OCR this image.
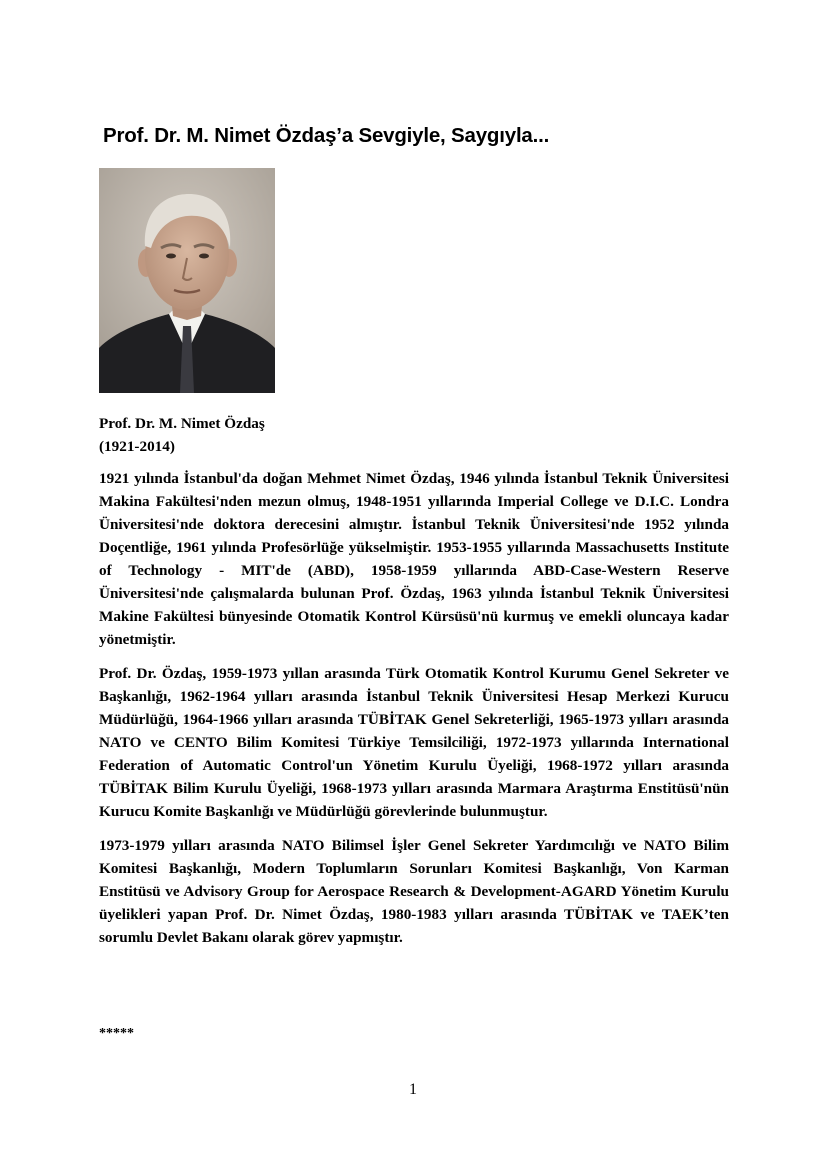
Prof. Dr. M. Nimet Özdaş’a Sevgiyle, Saygıyla...
Prof. Dr. M. Nimet Özdaş
(1921-2014)

1921 yılında İstanbul'da doğan Mehmet Nimet Özdaş, 1946 yılında İstanbul Teknik Üniversitesi Makina Fakültesi'nden mezun olmuş, 1948-1951 yıllarında Imperial College ve D.I.C. Londra Üniversitesi'nde doktora derecesini almıştır. İstanbul Teknik Üniversitesi'nde 1952 yılında Doçentliğe, 1961 yılında Profesörlüğe yükselmiştir. 1953-1955 yıllarında Massachusetts Institute of Technology - MIT'de (ABD), 1958-1959 yıllarında ABD-Case-Western Reserve Üniversitesi'nde çalışmalarda bulunan Prof. Özdaş, 1963 yılında İstanbul Teknik Üniversitesi Makine Fakültesi bünyesinde Otomatik Kontrol Kürsüsü'nü kurmuş ve emekli oluncaya kadar yönetmiştir.

Prof. Dr. Özdaş, 1959-1973 yıllan arasında Türk Otomatik Kontrol Kurumu Genel Sekreter ve Başkanlığı, 1962-1964 yılları arasında İstanbul Teknik Üniversitesi Hesap Merkezi Kurucu Müdürlüğü, 1964-1966 yılları arasında TÜBİTAK Genel Sekreterliği, 1965-1973 yılları arasında NATO ve CENTO Bilim Komitesi Türkiye Temsilciliği, 1972-1973 yıllarında International Federation of Automatic Control'un Yönetim Kurulu Üyeliği, 1968-1972 yılları arasında TÜBİTAK Bilim Kurulu Üyeliği, 1968-1973 yılları arasında Marmara Araştırma Enstitüsü'nün Kurucu Komite Başkanlığı ve Müdürlüğü görevlerinde bulunmuştur.

1973-1979 yılları arasında NATO Bilimsel İşler Genel Sekreter Yardımcılığı ve NATO Bilim Komitesi Başkanlığı, Modern Toplumların Sorunları Komitesi Başkanlığı, Von Karman Enstitüsü ve Advisory Group for Aerospace Research & Development-AGARD Yönetim Kurulu üyelikleri yapan Prof. Dr. Nimet Özdaş, 1980-1983 yılları arasında TÜBİTAK ve TAEK’ten sorumlu Devlet Bakanı olarak görev yapmıştır.

*****
1
